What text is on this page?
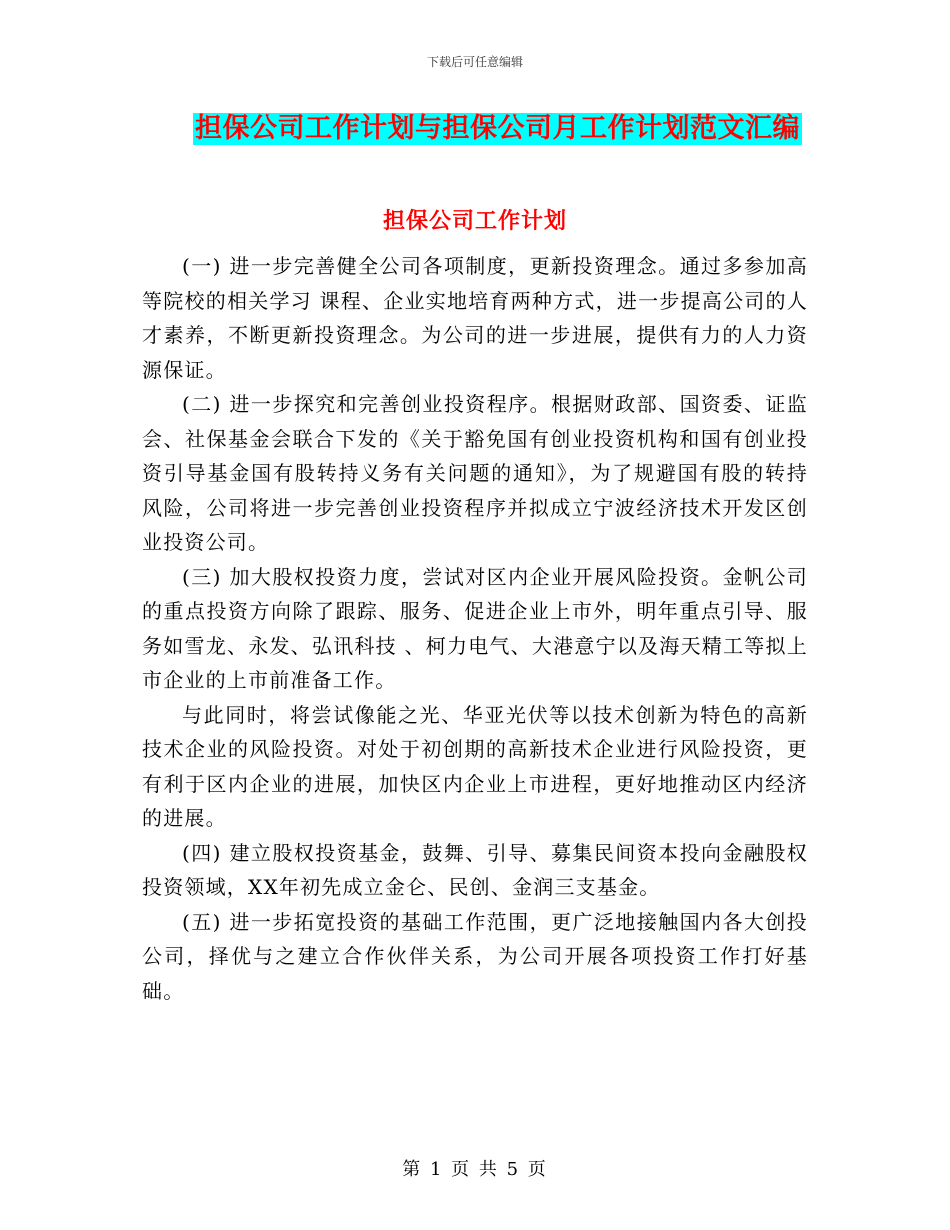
下载后可任意编辑
担保公司工作计划与担保公司月工作计划范文汇编
担保公司工作计划

(一) 进一步完善健全公司各项制度，更新投资理念。通过多参加高等院校的相关学习 课程、企业实地培育两种方式，进一步提高公司的人才素养，不断更新投资理念。为公司的进一步进展，提供有力的人力资源保证。

(二) 进一步探究和完善创业投资程序。根据财政部、国资委、证监会、社保基金会联合下发的《关于豁免国有创业投资机构和国有创业投资引导基金国有股转持义务有关问题的通知》，为了规避国有股的转持风险，公司将进一步完善创业投资程序并拟成立宁波经济技术开发区创业投资公司。

(三) 加大股权投资力度，尝试对区内企业开展风险投资。金帆公司的重点投资方向除了跟踪、服务、促进企业上市外，明年重点引导、服务如雪龙、永发、弘讯科技 、柯力电气、大港意宁以及海天精工等拟上市企业的上市前准备工作。

与此同时，将尝试像能之光、华亚光伏等以技术创新为特色的高新技术企业的风险投资。对处于初创期的高新技术企业进行风险投资，更有利于区内企业的进展，加快区内企业上市进程，更好地推动区内经济的进展。

(四) 建立股权投资基金，鼓舞、引导、募集民间资本投向金融股权投资领域，XX年初先成立金仑、民创、金润三支基金。

(五) 进一步拓宽投资的基础工作范围，更广泛地接触国内各大创投公司，择优与之建立合作伙伴关系，为公司开展各项投资工作打好基础。

第 1 页 共 5 页
